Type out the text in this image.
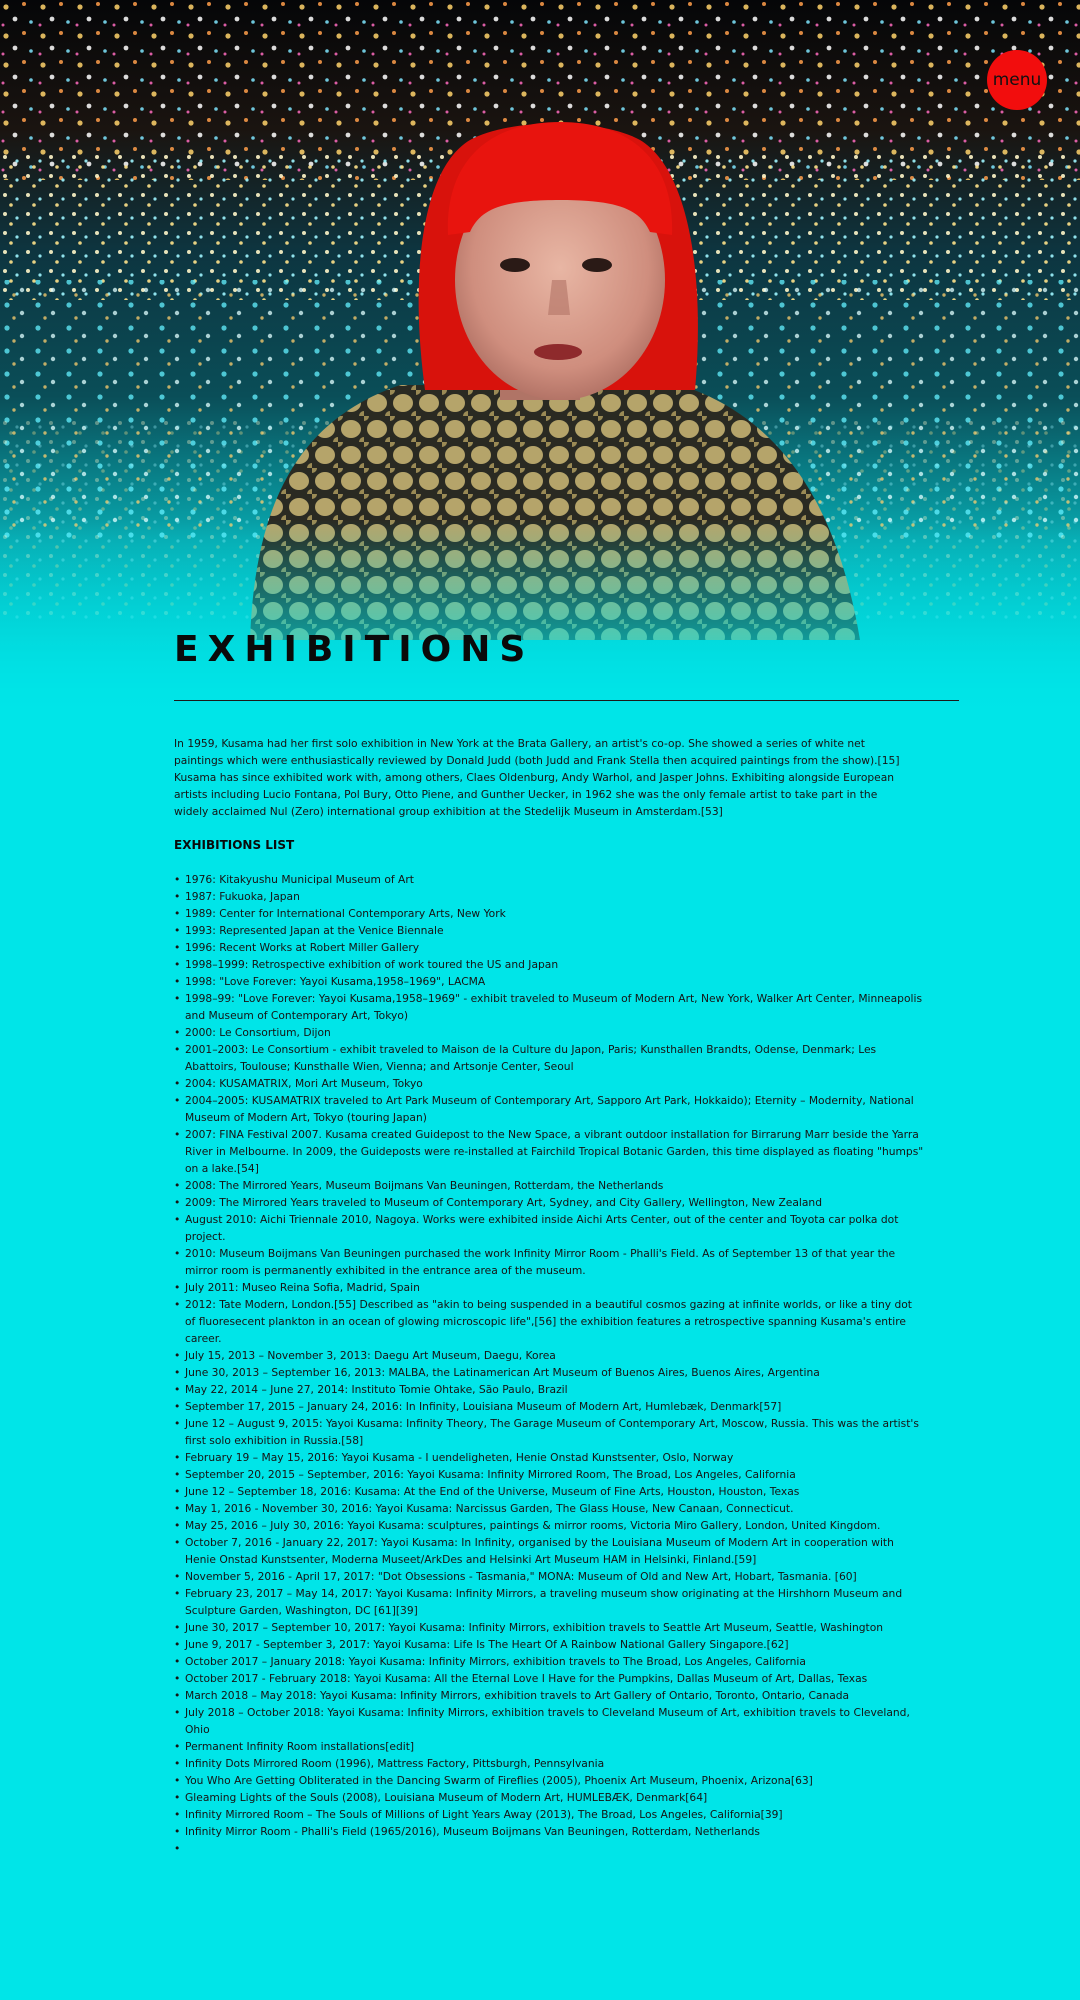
menu
EXHIBITIONS

In 1959, Kusama had her first solo exhibition in New York at the Brata Gallery, an artist's co-op. She showed a series of white net paintings which were enthusiastically reviewed by Donald Judd (both Judd and Frank Stella then acquired paintings from the show).[15] Kusama has since exhibited work with, among others, Claes Oldenburg, Andy Warhol, and Jasper Johns. Exhibiting alongside European artists including Lucio Fontana, Pol Bury, Otto Piene, and Gunther Uecker, in 1962 she was the only female artist to take part in the widely acclaimed Nul (Zero) international group exhibition at the Stedelijk Museum in Amsterdam.[53]

EXHIBITIONS LIST
• 1976: Kitakyushu Municipal Museum of Art
• 1987: Fukuoka, Japan
• 1989: Center for International Contemporary Arts, New York
• 1993: Represented Japan at the Venice Biennale
• 1996: Recent Works at Robert Miller Gallery
• 1998–1999: Retrospective exhibition of work toured the US and Japan
• 1998: "Love Forever: Yayoi Kusama,1958–1969", LACMA
• 1998–99: "Love Forever: Yayoi Kusama,1958–1969" - exhibit traveled to Museum of Modern Art, New York, Walker Art Center, Minneapolis and Museum of Contemporary Art, Tokyo)
• 2000: Le Consortium, Dijon
• 2001–2003: Le Consortium - exhibit traveled to Maison de la Culture du Japon, Paris; Kunsthallen Brandts, Odense, Denmark; Les Abattoirs, Toulouse; Kunsthalle Wien, Vienna; and Artsonje Center, Seoul
• 2004: KUSAMATRIX, Mori Art Museum, Tokyo
• 2004–2005: KUSAMATRIX traveled to Art Park Museum of Contemporary Art, Sapporo Art Park, Hokkaido); Eternity – Modernity, National Museum of Modern Art, Tokyo (touring Japan)
• 2007: FINA Festival 2007. Kusama created Guidepost to the New Space, a vibrant outdoor installation for Birrarung Marr beside the Yarra River in Melbourne. In 2009, the Guideposts were re-installed at Fairchild Tropical Botanic Garden, this time displayed as floating "humps" on a lake.[54]
• 2008: The Mirrored Years, Museum Boijmans Van Beuningen, Rotterdam, the Netherlands
• 2009: The Mirrored Years traveled to Museum of Contemporary Art, Sydney, and City Gallery, Wellington, New Zealand
• August 2010: Aichi Triennale 2010, Nagoya. Works were exhibited inside Aichi Arts Center, out of the center and Toyota car polka dot project.
• 2010: Museum Boijmans Van Beuningen purchased the work Infinity Mirror Room - Phalli's Field. As of September 13 of that year the mirror room is permanently exhibited in the entrance area of the museum.
• July 2011: Museo Reina Sofia, Madrid, Spain
• 2012: Tate Modern, London.[55] Described as "akin to being suspended in a beautiful cosmos gazing at infinite worlds, or like a tiny dot of fluoresecent plankton in an ocean of glowing microscopic life",[56] the exhibition features a retrospective spanning Kusama's entire career.
• July 15, 2013 – November 3, 2013: Daegu Art Museum, Daegu, Korea
• June 30, 2013 – September 16, 2013: MALBA, the Latinamerican Art Museum of Buenos Aires, Buenos Aires, Argentina
• May 22, 2014 – June 27, 2014: Instituto Tomie Ohtake, São Paulo, Brazil
• September 17, 2015 – January 24, 2016: In Infinity, Louisiana Museum of Modern Art, Humlebæk, Denmark[57]
• June 12 – August 9, 2015: Yayoi Kusama: Infinity Theory, The Garage Museum of Contemporary Art, Moscow, Russia. This was the artist's first solo exhibition in Russia.[58]
• February 19 – May 15, 2016: Yayoi Kusama - I uendeligheten, Henie Onstad Kunstsenter, Oslo, Norway
• September 20, 2015 – September, 2016: Yayoi Kusama: Infinity Mirrored Room, The Broad, Los Angeles, California
• June 12 – September 18, 2016: Kusama: At the End of the Universe, Museum of Fine Arts, Houston, Houston, Texas
• May 1, 2016 - November 30, 2016: Yayoi Kusama: Narcissus Garden, The Glass House, New Canaan, Connecticut.
• May 25, 2016 – July 30, 2016: Yayoi Kusama: sculptures, paintings & mirror rooms, Victoria Miro Gallery, London, United Kingdom.
• October 7, 2016 - January 22, 2017: Yayoi Kusama: In Infinity, organised by the Louisiana Museum of Modern Art in cooperation with Henie Onstad Kunstsenter, Moderna Museet/ArkDes and Helsinki Art Museum HAM in Helsinki, Finland.[59]
• November 5, 2016 - April 17, 2017: "Dot Obsessions - Tasmania," MONA: Museum of Old and New Art, Hobart, Tasmania. [60]
• February 23, 2017 – May 14, 2017: Yayoi Kusama: Infinity Mirrors, a traveling museum show originating at the Hirshhorn Museum and Sculpture Garden, Washington, DC [61][39]
• June 30, 2017 – September 10, 2017: Yayoi Kusama: Infinity Mirrors, exhibition travels to Seattle Art Museum, Seattle, Washington
• June 9, 2017 - September 3, 2017: Yayoi Kusama: Life Is The Heart Of A Rainbow National Gallery Singapore.[62]
• October 2017 – January 2018: Yayoi Kusama: Infinity Mirrors, exhibition travels to The Broad, Los Angeles, California
• October 2017 - February 2018: Yayoi Kusama: All the Eternal Love I Have for the Pumpkins, Dallas Museum of Art, Dallas, Texas
• March 2018 – May 2018: Yayoi Kusama: Infinity Mirrors, exhibition travels to Art Gallery of Ontario, Toronto, Ontario, Canada
• July 2018 – October 2018: Yayoi Kusama: Infinity Mirrors, exhibition travels to Cleveland Museum of Art, exhibition travels to Cleveland, Ohio
• Permanent Infinity Room installations[edit]
• Infinity Dots Mirrored Room (1996), Mattress Factory, Pittsburgh, Pennsylvania
• You Who Are Getting Obliterated in the Dancing Swarm of Fireflies (2005), Phoenix Art Museum, Phoenix, Arizona[63]
• Gleaming Lights of the Souls (2008), Louisiana Museum of Modern Art, HUMLEBÆK, Denmark[64]
• Infinity Mirrored Room – The Souls of Millions of Light Years Away (2013), The Broad, Los Angeles, California[39]
• Infinity Mirror Room - Phalli's Field (1965/2016), Museum Boijmans Van Beuningen, Rotterdam, Netherlands
